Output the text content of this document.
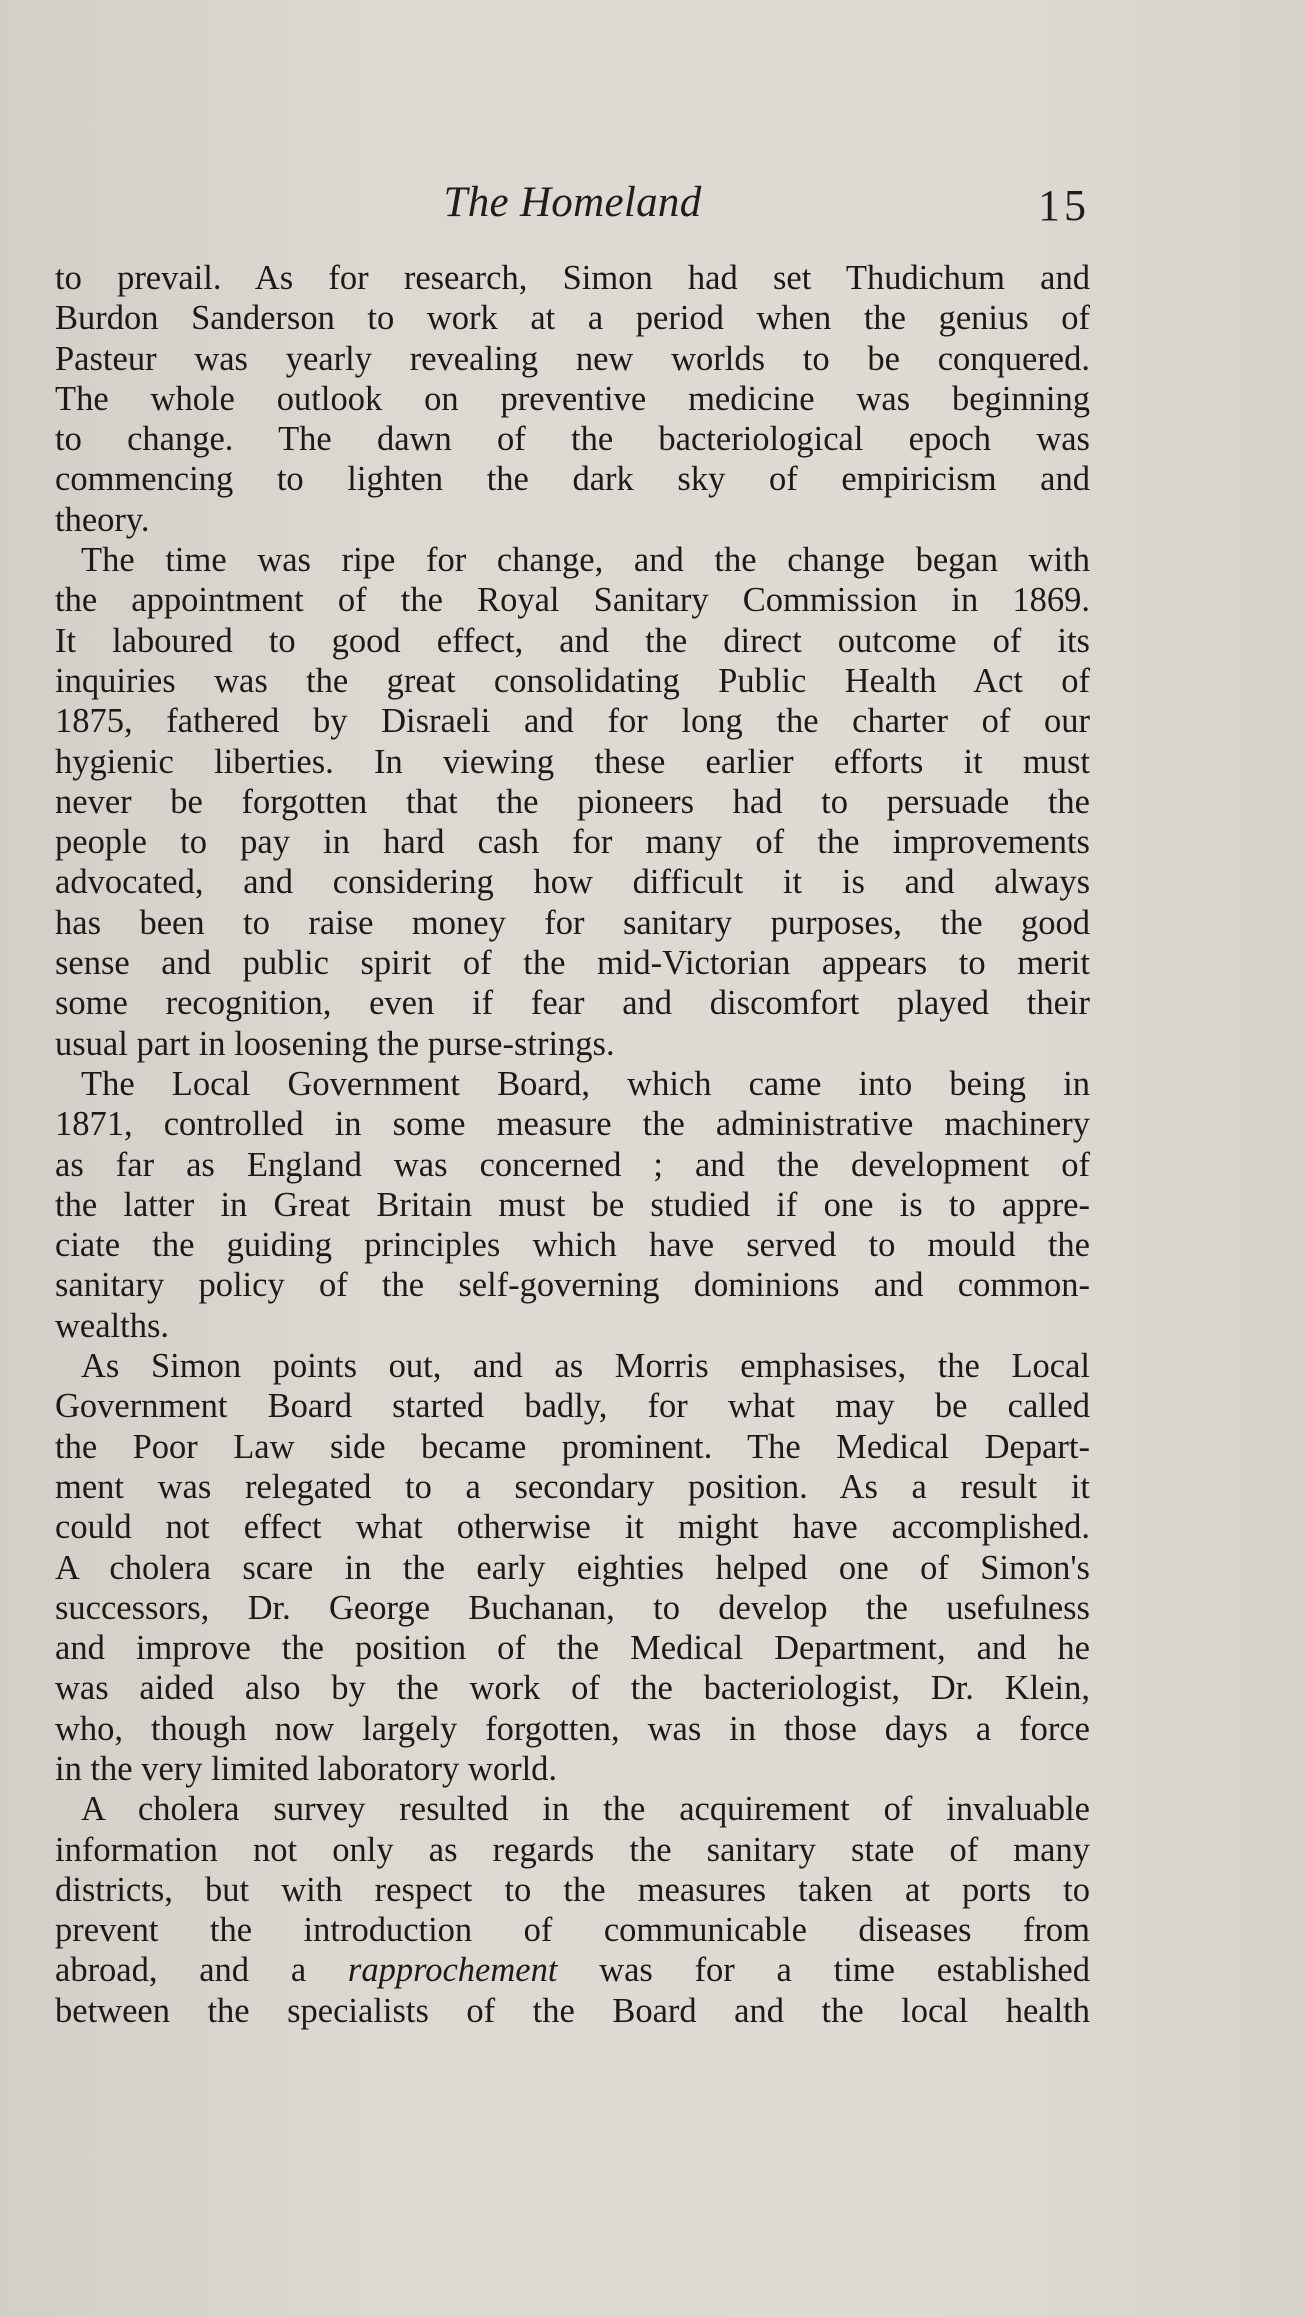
The Homeland	15
to prevail. As for research, Simon had set Thudichum and
Burdon Sanderson to work at a period when the genius of
Pasteur was yearly revealing new worlds to be conquered.
The whole outlook on preventive medicine was beginning
to change. The dawn of the bacteriological epoch was
commencing to lighten the dark sky of empiricism and
theory.
The time was ripe for change, and the change began with
the appointment of the Royal Sanitary Commission in 1869.
It laboured to good effect, and the direct outcome of its
inquiries was the great consolidating Public Health Act of
1875, fathered by Disraeli and for long the charter of our
hygienic liberties. In viewing these earlier efforts it must
never be forgotten that the pioneers had to persuade the
people to pay in hard cash for many of the improvements
advocated, and considering how difficult it is and always
has been to raise money for sanitary purposes, the good
sense and public spirit of the mid-Victorian appears to merit
some recognition, even if fear and discomfort played their
usual part in loosening the purse-strings.
The Local Government Board, which came into being in
1871, controlled in some measure the administrative machinery
as far as England was concerned ; and the development of
the latter in Great Britain must be studied if one is to appre-
ciate the guiding principles which have served to mould the
sanitary policy of the self-governing dominions and common-
wealths.
As Simon points out, and as Morris emphasises, the Local
Government Board started badly, for what may be called
the Poor Law side became prominent. The Medical Depart-
ment was relegated to a secondary position. As a result it
could not effect what otherwise it might have accomplished.
A cholera scare in the early eighties helped one of Simon's
successors, Dr. George Buchanan, to develop the usefulness
and improve the position of the Medical Department, and he
was aided also by the work of the bacteriologist, Dr. Klein,
who, though now largely forgotten, was in those days a force
in the very limited laboratory world.
A cholera survey resulted in the acquirement of invaluable
information not only as regards the sanitary state of many
districts, but with respect to the measures taken at ports to
prevent the introduction of communicable diseases from
abroad, and a rapprochement was for a time established
between the specialists of the Board and the local health
